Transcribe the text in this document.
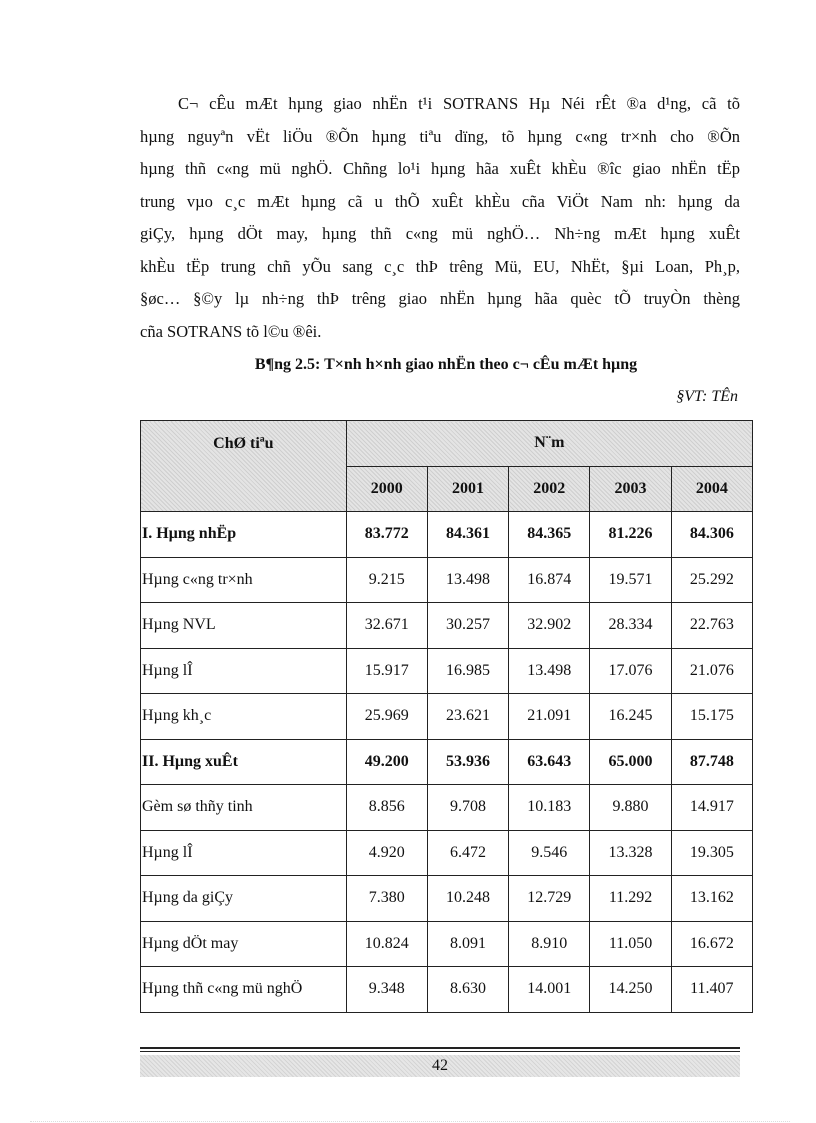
C¬ cÊu mÆt hµng giao nhËn t¹i SOTRANS Hµ Néi rÊt ®a d¹ng, cã tõ
hµng nguyªn vËt liÖu ®Õn hµng tiªu dïng, tõ hµng c«ng tr×nh cho ®Õn
hµng thñ c«ng mü nghÖ. Chñng lo¹i hµng hãa xuÊt khÈu ®îc giao nhËn tËp
trung vµo c¸c mÆt hµng cã u thÕ xuÊt khÈu cña ViÖt Nam nh: hµng da
giÇy, hµng dÖt may, hµng thñ c«ng mü nghÖ… Nh÷ng mÆt hµng xuÊt
khÈu tËp trung chñ yÕu sang c¸c thÞ trêng Mü, EU, NhËt, §µi Loan, Ph¸p,
§øc… §©y lµ nh÷ng thÞ trêng giao nhËn hµng hãa quèc tÕ truyÒn thèng
cña SOTRANS tõ l©u ®êi.

B¶ng 2.5: T×nh h×nh giao nhËn theo c¬ cÊu mÆt hµng
§VT: TÊn
ChØ tiªu	N¨m				
	2000	2001	2002	2003	2004
I. Hµng nhËp	83.772	84.361	84.365	81.226	84.306
Hµng c«ng tr×nh	9.215	13.498	16.874	19.571	25.292
Hµng NVL	32.671	30.257	32.902	28.334	22.763
Hµng lÎ	15.917	16.985	13.498	17.076	21.076
Hµng kh¸c	25.969	23.621	21.091	16.245	15.175
II. Hµng xuÊt	49.200	53.936	63.643	65.000	87.748
Gèm sø thñy tinh	8.856	9.708	10.183	9.880	14.917
Hµng lÎ	4.920	6.472	9.546	13.328	19.305
Hµng da giÇy	7.380	10.248	12.729	11.292	13.162
Hµng dÖt may	10.824	8.091	8.910	11.050	16.672
Hµng thñ c«ng mü nghÖ	9.348	8.630	14.001	14.250	11.407
42
